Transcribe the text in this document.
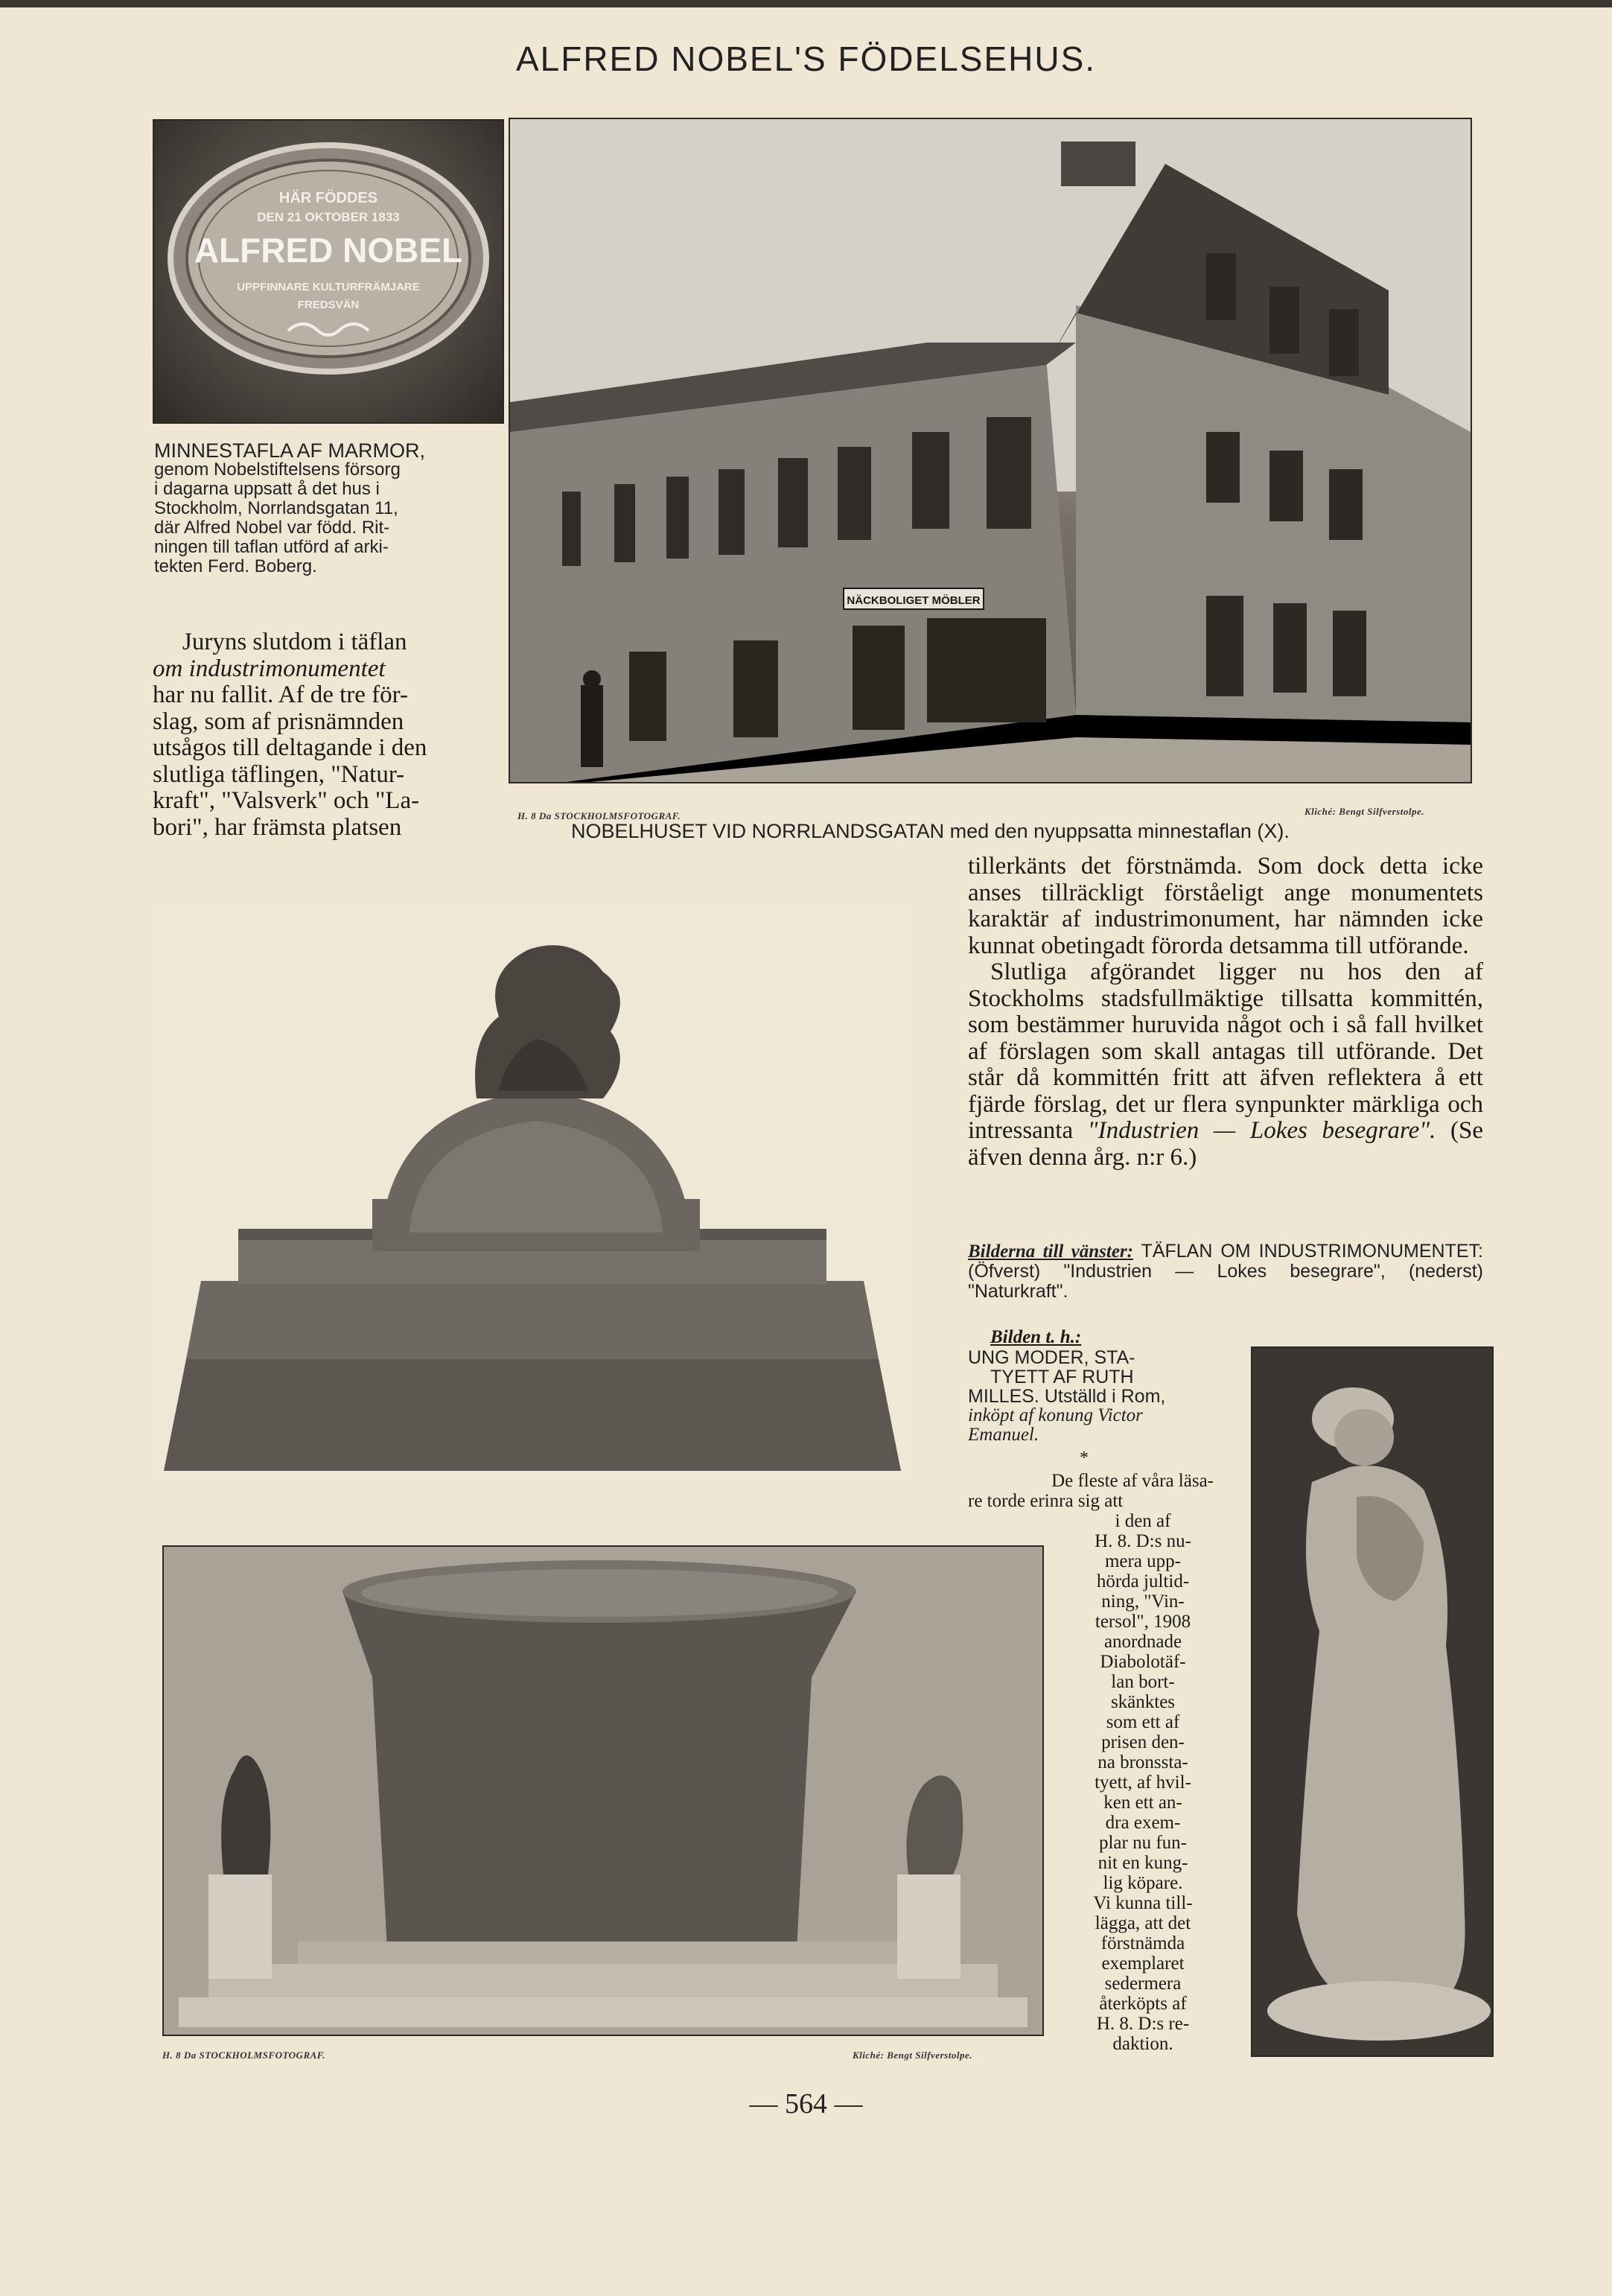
ALFRED NOBEL'S FÖDELSEHUS.
HÄR FÖDDES
DEN 21 OKTOBER 1833
ALFRED NOBEL
UPPFINNARE KULTURFRÄMJARE
FREDSVÄN
MINNESTAFLA AF MARMOR,
genom Nobelstiftelsens försorg
i dagarna uppsatt å det hus i
Stockholm, Norrlandsgatan 11,
där Alfred Nobel var född. Rit-
ningen till taflan utförd af arki-
tekten Ferd. Boberg.
Juryns slutdom i täflan
om industrimonumentet
har nu fallit. Af de tre för-
slag, som af prisnämnden
utsågos till deltagande i den
slutliga täflingen, "Natur-
kraft", "Valsverk" och "La-
bori", har främsta platsen
NÄCKBOLIGET MÖBLER
H. 8 Da STOCKHOLMSFOTOGRAF.	Kliché: Bengt Silfverstolpe.
NOBELHUSET VID NORRLANDSGATAN med den nyuppsatta minnestaflan (X).

tillerkänts det förstnämda. Som dock detta icke anses tillräckligt förståeligt ange monumentets karaktär af industrimonument, har nämnden icke kunnat obetingadt förorda detsamma till utförande.

Slutliga afgörandet ligger nu hos den af Stockholms stadsfullmäktige tillsatta kommittén, som bestämmer huruvida något och i så fall hvilket af förslagen som skall antagas till utförande. Det står då kommittén fritt att äfven reflektera å ett fjärde förslag, det ur flera synpunkter märkliga och intressanta "Industrien — Lokes besegrare". (Se äfven denna årg. n:r 6.)

Bilderna till vänster: TÄFLAN OM INDUSTRIMONUMENTET: (Öfverst) "Industrien — Lokes besegrare", (nederst) "Naturkraft".
H. 8 Da STOCKHOLMSFOTOGRAF.	Kliché: Bengt Silfverstolpe.
Bilden t. h.:
UNG MODER, STA-
TYETT AF RUTH
MILLES. Utställd i Rom,
inköpt af konung Victor
Emanuel.
*
De fleste af våra läsa-
re torde erinra sig att
i den af
H. 8. D:s nu-
mera upp-
hörda jultid-
ning, "Vin-
tersol", 1908
anordnade
Diabolotäf-
lan bort-
skänktes
som ett af
prisen den-
na bronssta-
tyett, af hvil-
ken ett an-
dra exem-
plar nu fun-
nit en kung-
lig köpare.
Vi kunna till-
lägga, att det
förstnämda
exemplaret
sedermera
återköpts af
H. 8. D:s re-
daktion.
— 564 —
